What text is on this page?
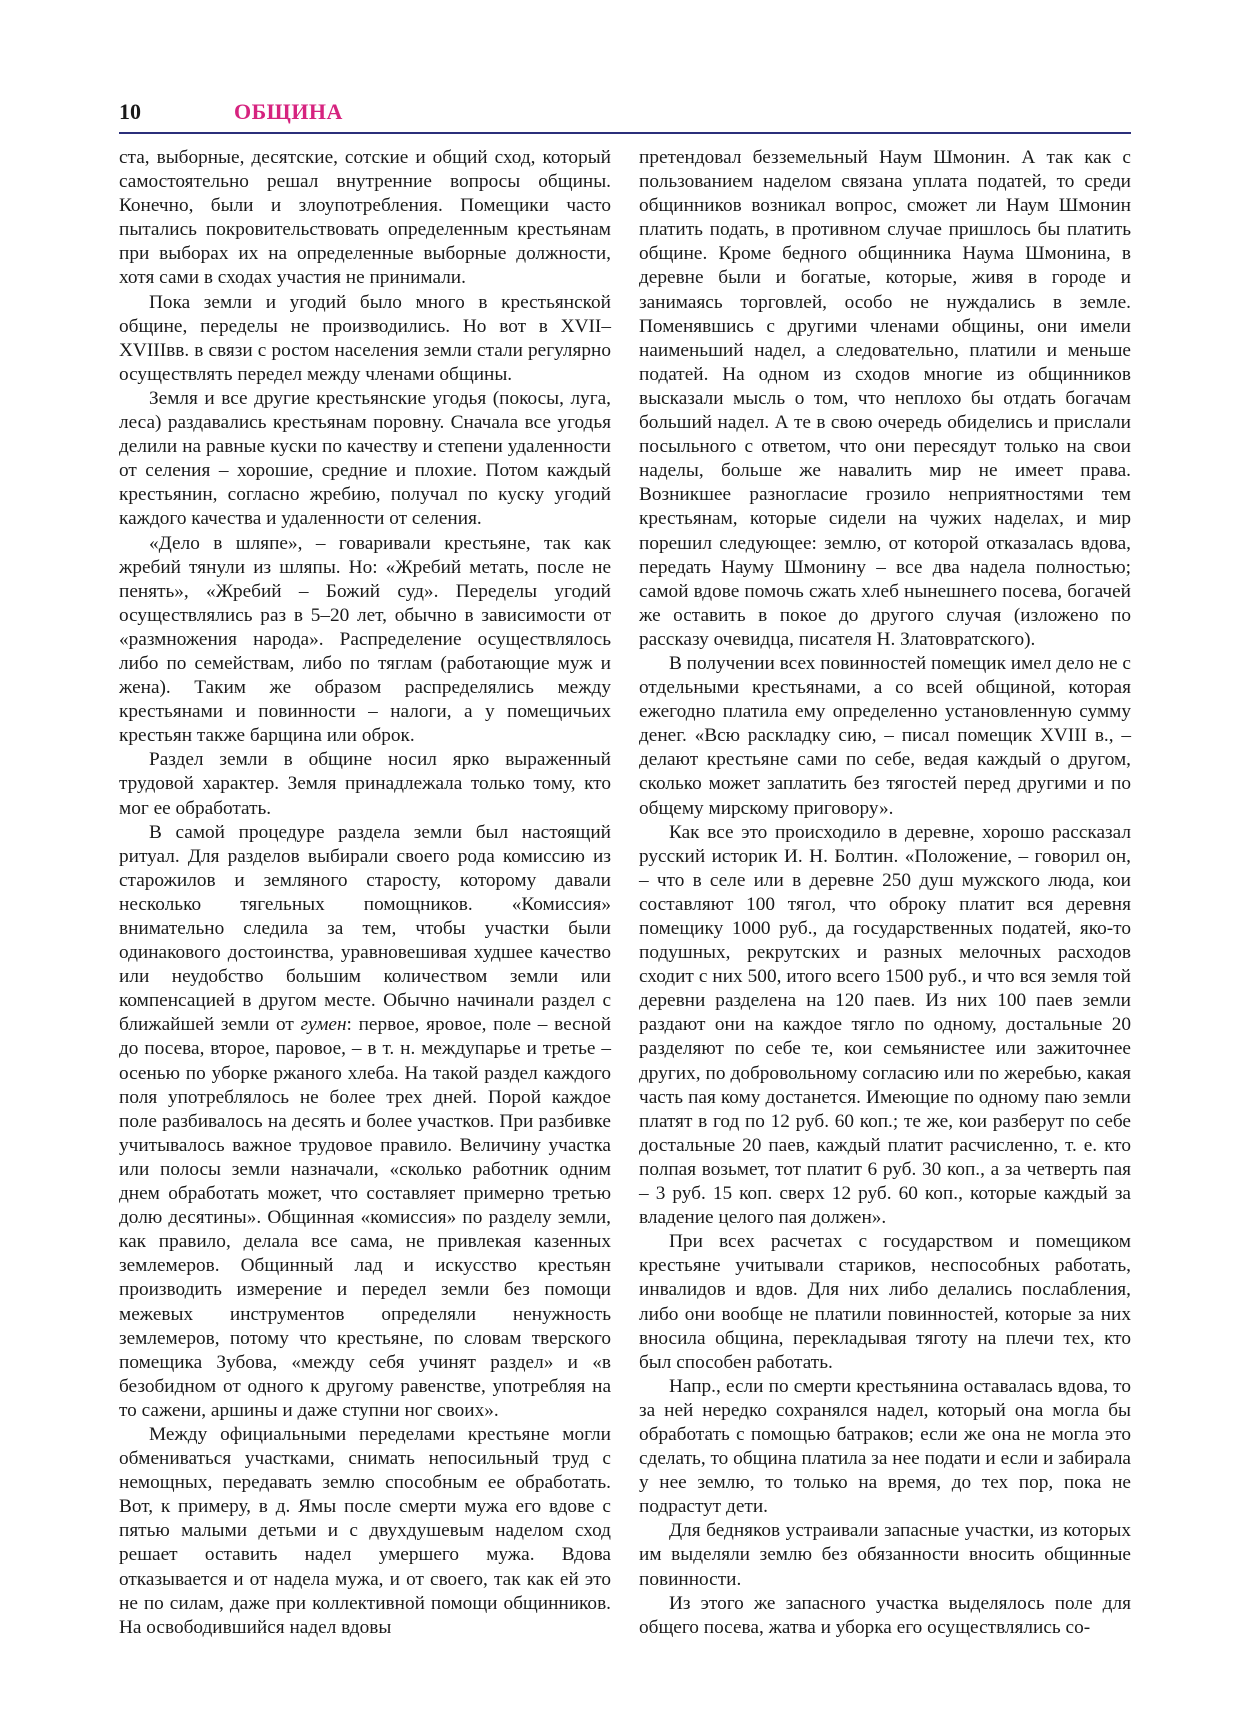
10	ОБЩИНА

ста, выборные, десятские, сотские и общий сход, который самостоятельно решал внутренние вопросы общины. Конечно, были и злоупотребления. Помещики часто пытались покровительствовать определенным крестьянам при выборах их на определенные выборные должности, хотя сами в сходах участия не принимали.

Пока земли и угодий было много в крестьянской общине, переделы не производились. Но вот в XVII–XVIIIвв. в связи с ростом населения земли стали регулярно осуществлять передел между членами общины.

Земля и все другие крестьянские угодья (покосы, луга, леса) раздавались крестьянам поровну. Сначала все угодья делили на равные куски по качеству и степени удаленности от селения – хорошие, средние и плохие. Потом каждый крестьянин, согласно жребию, получал по куску угодий каждого качества и удаленности от селения.

«Дело в шляпе», – говаривали крестьяне, так как жребий тянули из шляпы. Но: «Жребий метать, после не пенять», «Жребий – Божий суд». Переделы угодий осуществлялись раз в 5–20 лет, обычно в зависимости от «размножения народа». Распределение осуществлялось либо по семействам, либо по тяглам (работающие муж и жена). Таким же образом распределялись между крестьянами и повинности – налоги, а у помещичьих крестьян также барщина или оброк.

Раздел земли в общине носил ярко выраженный трудовой характер. Земля принадлежала только тому, кто мог ее обработать.

В самой процедуре раздела земли был настоящий ритуал. Для разделов выбирали своего рода комиссию из старожилов и земляного старосту, которому давали несколько тягельных помощников. «Комиссия» внимательно следила за тем, чтобы участки были одинакового достоинства, уравновешивая худшее качество или неудобство большим количеством земли или компенсацией в другом месте. Обычно начинали раздел с ближайшей земли от гумен: первое, яровое, поле – весной до посева, второе, паровое, – в т. н. междупарье и третье – осенью по уборке ржаного хлеба. На такой раздел каждого поля употреблялось не более трех дней. Порой каждое поле разбивалось на десять и более участков. При разбивке учитывалось важное трудовое правило. Величину участка или полосы земли назначали, «сколько работник одним днем обработать может, что составляет примерно третью долю десятины». Общинная «комиссия» по разделу земли, как правило, делала все сама, не привлекая казенных землемеров. Общинный лад и искусство крестьян производить измерение и передел земли без помощи межевых инструментов определяли ненужность землемеров, потому что крестьяне, по словам тверского помещика Зубова, «между себя учинят раздел» и «в безобидном от одного к другому равенстве, употребляя на то сажени, аршины и даже ступни ног своих».

Между официальными переделами крестьяне могли обмениваться участками, снимать непосильный труд с немощных, передавать землю способным ее обработать. Вот, к примеру, в д. Ямы после смерти мужа его вдове с пятью малыми детьми и с двухдушевым наделом сход решает оставить надел умершего мужа. Вдова отказывается и от надела мужа, и от своего, так как ей это не по силам, даже при коллективной помощи общинников. На освободившийся надел вдовы

претендовал безземельный Наум Шмонин. А так как с пользованием наделом связана уплата податей, то среди общинников возникал вопрос, сможет ли Наум Шмонин платить подать, в противном случае пришлось бы платить общине. Кроме бедного общинника Наума Шмонина, в деревне были и богатые, которые, живя в городе и занимаясь торговлей, особо не нуждались в земле. Поменявшись с другими членами общины, они имели наименьший надел, а следовательно, платили и меньше податей. На одном из сходов многие из общинников высказали мысль о том, что неплохо бы отдать богачам больший надел. А те в свою очередь обиделись и прислали посыльного с ответом, что они пересядут только на свои наделы, больше же навалить мир не имеет права. Возникшее разногласие грозило неприятностями тем крестьянам, которые сидели на чужих наделах, и мир порешил следующее: землю, от которой отказалась вдова, передать Науму Шмонину – все два надела полностью; самой вдове помочь сжать хлеб нынешнего посева, богачей же оставить в покое до другого случая (изложено по рассказу очевидца, писателя Н. Златовратского).

В получении всех повинностей помещик имел дело не с отдельными крестьянами, а со всей общиной, которая ежегодно платила ему определенно установленную сумму денег. «Всю раскладку сию, – писал помещик XVIII в., – делают крестьяне сами по себе, ведая каждый о другом, сколько может заплатить без тягостей перед другими и по общему мирскому приговору».

Как все это происходило в деревне, хорошо рассказал русский историк И. Н. Болтин. «Положение, – говорил он, – что в селе или в деревне 250 душ мужского люда, кои составляют 100 тягол, что оброку платит вся деревня помещику 1000 руб., да государственных податей, яко-то подушных, рекрутских и разных мелочных расходов сходит с них 500, итого всего 1500 руб., и что вся земля той деревни разделена на 120 паев. Из них 100 паев земли раздают они на каждое тягло по одному, достальные 20 разделяют по себе те, кои семьянистее или зажиточнее других, по добровольному согласию или по жеребью, какая часть пая кому достанется. Имеющие по одному паю земли платят в год по 12 руб. 60 коп.; те же, кои разберут по себе достальные 20 паев, каждый платит расчисленно, т. е. кто полпая возьмет, тот платит 6 руб. 30 коп., а за четверть пая – 3 руб. 15 коп. сверх 12 руб. 60 коп., которые каждый за владение целого пая должен».

При всех расчетах с государством и помещиком крестьяне учитывали стариков, неспособных работать, инвалидов и вдов. Для них либо делались послабления, либо они вообще не платили повинностей, которые за них вносила община, перекладывая тяготу на плечи тех, кто был способен работать.

Напр., если по смерти крестьянина оставалась вдова, то за ней нередко сохранялся надел, который она могла бы обработать с помощью батраков; если же она не могла это сделать, то община платила за нее подати и если и забирала у нее землю, то только на время, до тех пор, пока не подрастут дети.

Для бедняков устраивали запасные участки, из которых им выделяли землю без обязанности вносить общинные повинности.

Из этого же запасного участка выделялось поле для общего посева, жатва и уборка его осуществлялись со-
